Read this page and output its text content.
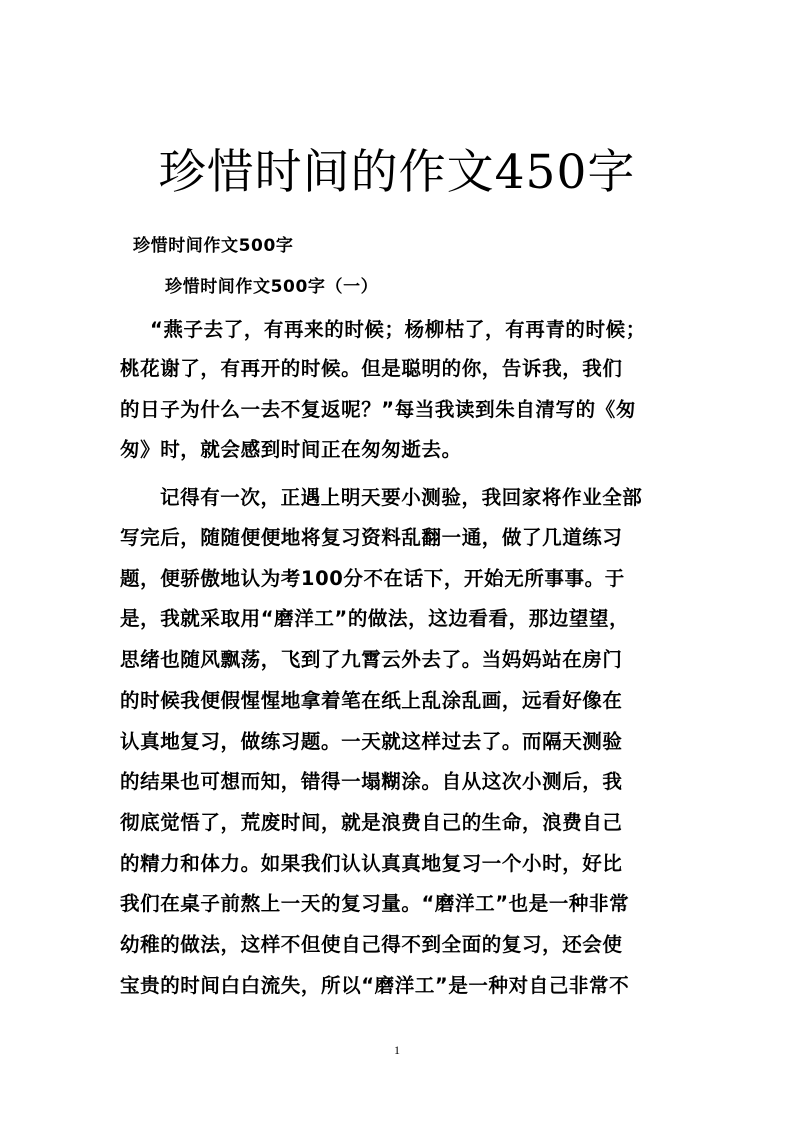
珍惜时间的作文450字
珍惜时间作文500字
珍惜时间作文500字（一）
“燕子去了，有再来的时候；杨柳枯了，有再青的时候；
桃花谢了，有再开的时候。但是聪明的你，告诉我，我们
的日子为什么一去不复返呢？”每当我读到朱自清写的《匆
匆》时，就会感到时间正在匆匆逝去。
记得有一次，正遇上明天要小测验，我回家将作业全部
写完后，随随便便地将复习资料乱翻一通，做了几道练习
题，便骄傲地认为考100分不在话下，开始无所事事。于
是，我就采取用“磨洋工”的做法，这边看看，那边望望，
思绪也随风飘荡，飞到了九霄云外去了。当妈妈站在房门
的时候我便假惺惺地拿着笔在纸上乱涂乱画，远看好像在
认真地复习，做练习题。一天就这样过去了。而隔天测验
的结果也可想而知，错得一塌糊涂。自从这次小测后，我
彻底觉悟了，荒废时间，就是浪费自己的生命，浪费自己
的精力和体力。如果我们认认真真地复习一个小时，好比
我们在桌子前熬上一天的复习量。“磨洋工”也是一种非常
幼稚的做法，这样不但使自己得不到全面的复习，还会使
宝贵的时间白白流失，所以“磨洋工”是一种对自己非常不
1
